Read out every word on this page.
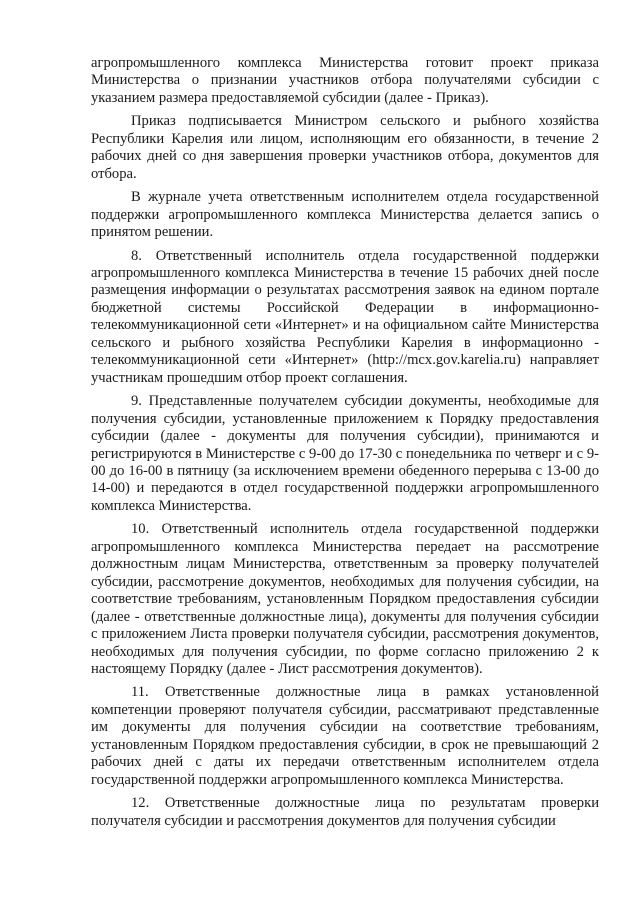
агропромышленного комплекса Министерства готовит проект приказа Министерства о признании участников отбора получателями субсидии с указанием размера предоставляемой субсидии (далее - Приказ).

Приказ подписывается Министром сельского и рыбного хозяйства Республики Карелия или лицом, исполняющим его обязанности, в течение 2 рабочих дней со дня завершения проверки участников отбора, документов для отбора.

В журнале учета ответственным исполнителем отдела государственной поддержки агропромышленного комплекса Министерства делается запись о принятом решении.

8. Ответственный исполнитель отдела государственной поддержки агропромышленного комплекса Министерства в течение 15 рабочих дней после размещения информации о результатах рассмотрения заявок на едином портале бюджетной системы Российской Федерации в информационно-телекоммуникационной сети «Интернет» и на официальном сайте Министерства сельского и рыбного хозяйства Республики Карелия в информационно - телекоммуникационной сети «Интернет» (http://mcx.gov.karelia.ru) направляет участникам прошедшим отбор проект соглашения.

9. Представленные получателем субсидии документы, необходимые для получения субсидии, установленные приложением к Порядку предоставления субсидии (далее - документы для получения субсидии), принимаются и регистрируются в Министерстве с 9-00 до 17-30 с понедельника по четверг и с 9-00 до 16-00 в пятницу (за исключением времени обеденного перерыва с 13-00 до 14-00) и передаются в отдел государственной поддержки агропромышленного комплекса Министерства.

10. Ответственный исполнитель отдела государственной поддержки агропромышленного комплекса Министерства передает на рассмотрение должностным лицам Министерства, ответственным за проверку получателей субсидии, рассмотрение документов, необходимых для получения субсидии, на соответствие требованиям, установленным Порядком предоставления субсидии (далее - ответственные должностные лица), документы для получения субсидии с приложением Листа проверки получателя субсидии, рассмотрения документов, необходимых для получения субсидии, по форме согласно приложению 2 к настоящему Порядку (далее - Лист рассмотрения документов).

11. Ответственные должностные лица в рамках установленной компетенции проверяют получателя субсидии, рассматривают представленные им документы для получения субсидии на соответствие требованиям, установленным Порядком предоставления субсидии, в срок не превышающий 2 рабочих дней с даты их передачи ответственным исполнителем отдела государственной поддержки агропромышленного комплекса Министерства.

12. Ответственные должностные лица по результатам проверки получателя субсидии и рассмотрения документов для получения субсидии
